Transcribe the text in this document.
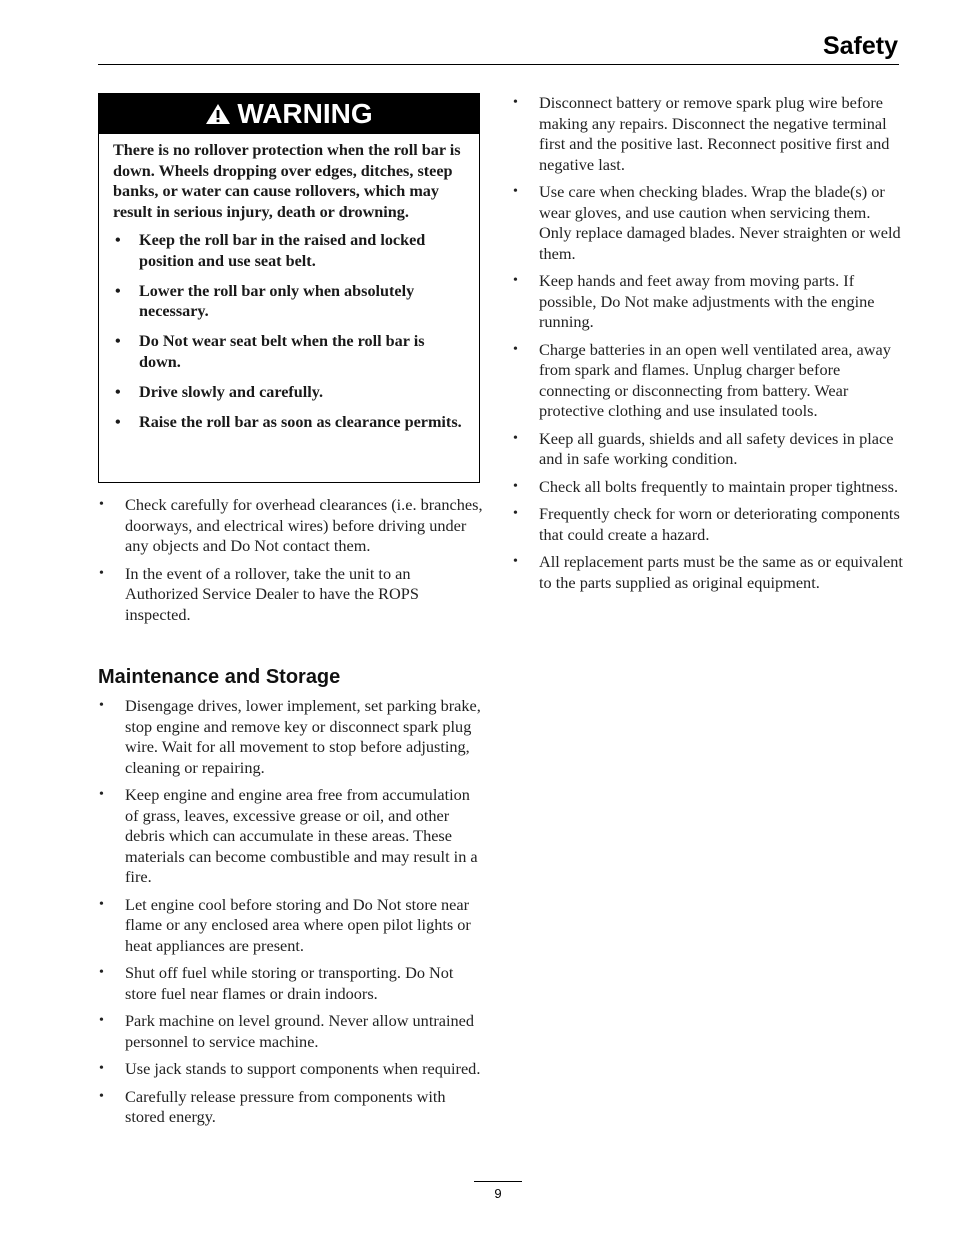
Safety
WARNING

There is no rollover protection when the roll bar is down. Wheels dropping over edges, ditches, steep banks, or water can cause rollovers, which may result in serious injury, death or drowning.

• Keep the roll bar in the raised and locked position and use seat belt.
• Lower the roll bar only when absolutely necessary.
• Do Not wear seat belt when the roll bar is down.
• Drive slowly and carefully.
• Raise the roll bar as soon as clearance permits.
• Check carefully for overhead clearances (i.e. branches, doorways, and electrical wires) before driving under any objects and Do Not contact them.
• In the event of a rollover, take the unit to an Authorized Service Dealer to have the ROPS inspected.
Maintenance and Storage
• Disengage drives, lower implement, set parking brake, stop engine and remove key or disconnect spark plug wire. Wait for all movement to stop before adjusting, cleaning or repairing.
• Keep engine and engine area free from accumulation of grass, leaves, excessive grease or oil, and other debris which can accumulate in these areas. These materials can become combustible and may result in a fire.
• Let engine cool before storing and Do Not store near flame or any enclosed area where open pilot lights or heat appliances are present.
• Shut off fuel while storing or transporting. Do Not store fuel near flames or drain indoors.
• Park machine on level ground. Never allow untrained personnel to service machine.
• Use jack stands to support components when required.
• Carefully release pressure from components with stored energy.
• Disconnect battery or remove spark plug wire before making any repairs. Disconnect the negative terminal first and the positive last. Reconnect positive first and negative last.
• Use care when checking blades. Wrap the blade(s) or wear gloves, and use caution when servicing them. Only replace damaged blades. Never straighten or weld them.
• Keep hands and feet away from moving parts. If possible, Do Not make adjustments with the engine running.
• Charge batteries in an open well ventilated area, away from spark and flames. Unplug charger before connecting or disconnecting from battery. Wear protective clothing and use insulated tools.
• Keep all guards, shields and all safety devices in place and in safe working condition.
• Check all bolts frequently to maintain proper tightness.
• Frequently check for worn or deteriorating components that could create a hazard.
• All replacement parts must be the same as or equivalent to the parts supplied as original equipment.
9
